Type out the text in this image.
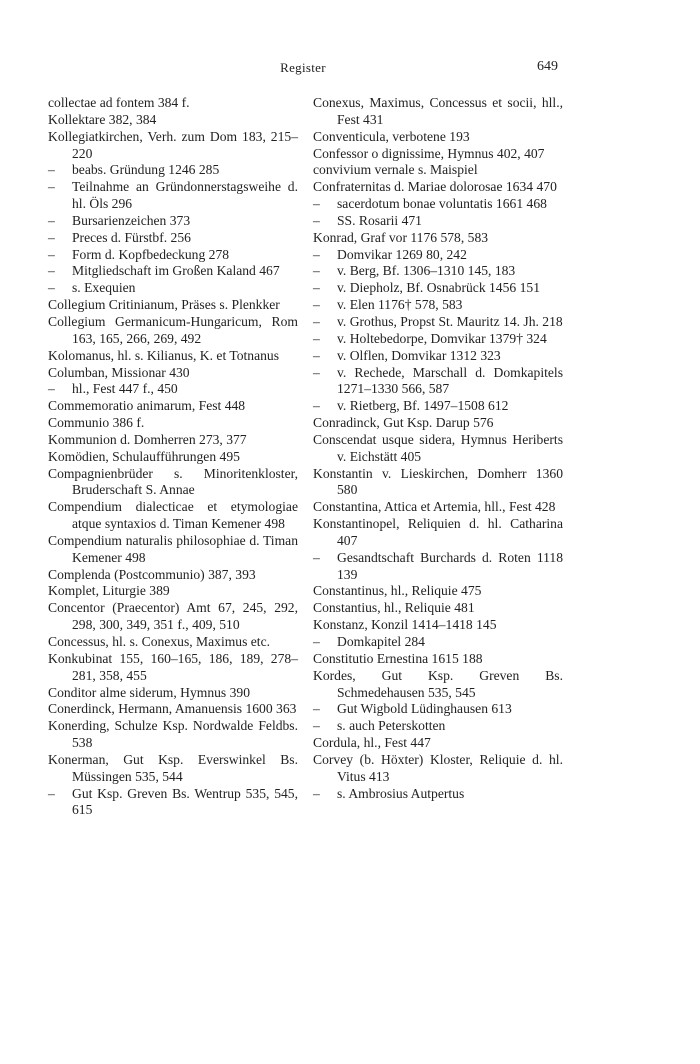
Register	649
collectae ad fontem 384 f.
Kollektare 382, 384
Kollegiatkirchen, Verh. zum Dom 183, 215–220
– beabs. Gründung 1246 285
– Teilnahme an Gründonnerstagsweihe d. hl. Öls 296
– Bursarienzeichen 373
– Preces d. Fürstbf. 256
– Form d. Kopfbedeckung 278
– Mitgliedschaft im Großen Kaland 467
– s. Exequien
Collegium Critinianum, Präses s. Plenkker
Collegium Germanicum-Hungaricum, Rom 163, 165, 266, 269, 492
Kolomanus, hl. s. Kilianus, K. et Totnanus
Columban, Missionar 430
– hl., Fest 447 f., 450
Commemoratio animarum, Fest 448
Communio 386 f.
Kommunion d. Domherren 273, 377
Komödien, Schulaufführungen 495
Compagnienbrüder s. Minoritenkloster, Bruderschaft S. Annae
Compendium dialecticae et etymologiae atque syntaxios d. Timan Kemener 498
Compendium naturalis philosophiae d. Timan Kemener 498
Complenda (Postcommunio) 387, 393
Komplet, Liturgie 389
Concentor (Praecentor) Amt 67, 245, 292, 298, 300, 349, 351 f., 409, 510
Concessus, hl. s. Conexus, Maximus etc.
Konkubinat 155, 160–165, 186, 189, 278–281, 358, 455
Conditor alme siderum, Hymnus 390
Conerdinck, Hermann, Amanuensis 1600 363
Konerding, Schulze Ksp. Nordwalde Feldbs. 538
Konerman, Gut Ksp. Everswinkel Bs. Müssingen 535, 544
– Gut Ksp. Greven Bs. Wentrup 535, 545, 615
Conexus, Maximus, Concessus et socii, hll., Fest 431
Conventicula, verbotene 193
Confessor o dignissime, Hymnus 402, 407
convivium vernale s. Maispiel
Confraternitas d. Mariae dolorosae 1634 470
– sacerdotum bonae voluntatis 1661 468
– SS. Rosarii 471
Konrad, Graf vor 1176 578, 583
– Domvikar 1269 80, 242
– v. Berg, Bf. 1306–1310 145, 183
– v. Diepholz, Bf. Osnabrück 1456 151
– v. Elen 1176† 578, 583
– v. Grothus, Propst St. Mauritz 14. Jh. 218
– v. Holtebedorpe, Domvikar 1379† 324
– v. Olflen, Domvikar 1312 323
– v. Rechede, Marschall d. Domkapitels 1271–1330 566, 587
– v. Rietberg, Bf. 1497–1508 612
Conradinck, Gut Ksp. Darup 576
Conscendat usque sidera, Hymnus Heriberts v. Eichstätt 405
Konstantin v. Lieskirchen, Domherr 1360 580
Constantina, Attica et Artemia, hll., Fest 428
Konstantinopel, Reliquien d. hl. Catharina 407
– Gesandtschaft Burchards d. Roten 1118 139
Constantinus, hl., Reliquie 475
Constantius, hl., Reliquie 481
Konstanz, Konzil 1414–1418 145
– Domkapitel 284
Constitutio Ernestina 1615 188
Kordes, Gut Ksp. Greven Bs. Schmedehausen 535, 545
– Gut Wigbold Lüdinghausen 613
– s. auch Peterskotten
Cordula, hl., Fest 447
Corvey (b. Höxter) Kloster, Reliquie d. hl. Vitus 413
– s. Ambrosius Autpertus
